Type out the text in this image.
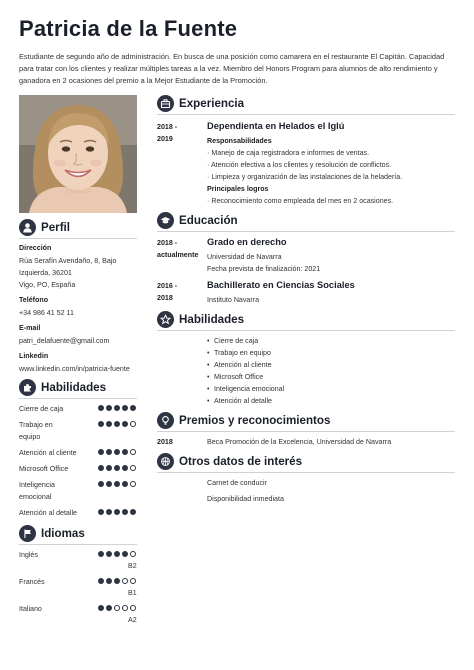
Patricia de la Fuente
Estudiante de segundo año de administración. En busca de una posición como camarera en el restaurante El Capitán. Capacidad para tratar con los clientes y realizar múltiples tareas a la vez. Miembro del Honors Program para alumnos de alto rendimiento y ganadora en 2 ocasiones del premio a la Mejor Estudiante de la Promoción.
Perfil
Dirección
Rúa Serafín Avendaño, 8, Bajo
Izquierda, 36201
Vigo, PO, España
Teléfono
+34 986 41 52 11
E-mail
patri_delafuente@gmail.com
Linkedin
www.linkedin.com/in/patricia-fuente
Habilidades
Cierre de caja
Trabajo en
equipo
Atención al cliente
Microsoft Office
Inteligencia
emocional
Atención al detalle
Idiomas
Inglés
B2
Francés
B1
Italiano
A2
Experiencia
2018 -
2019
Dependienta en Helados el Iglú
Responsabilidades
· Manejo de caja registradora e informes de ventas.
· Atención efectiva a los clientes y resolución de conflictos.
· Limpieza y organización de las instalaciones de la heladería.
Principales logros
· Reconocimiento como empleada del mes en 2 ocasiones.
Educación
2018 -
actualmente
Grado en derecho
Universidad de Navarra
Fecha prevista de finalización: 2021
2016 -
2018
Bachillerato en Ciencias Sociales
Instituto Navarra
Habilidades
• Cierre de caja
• Trabajo en equipo
• Atención al cliente
• Microsoft Office
• Inteligencia emocional
• Atención al detalle
Premios y reconocimientos
2018	Beca Promoción de la Excelencia, Universidad de Navarra
Otros datos de interés
Carnet de conducir
Disponibilidad inmediata
